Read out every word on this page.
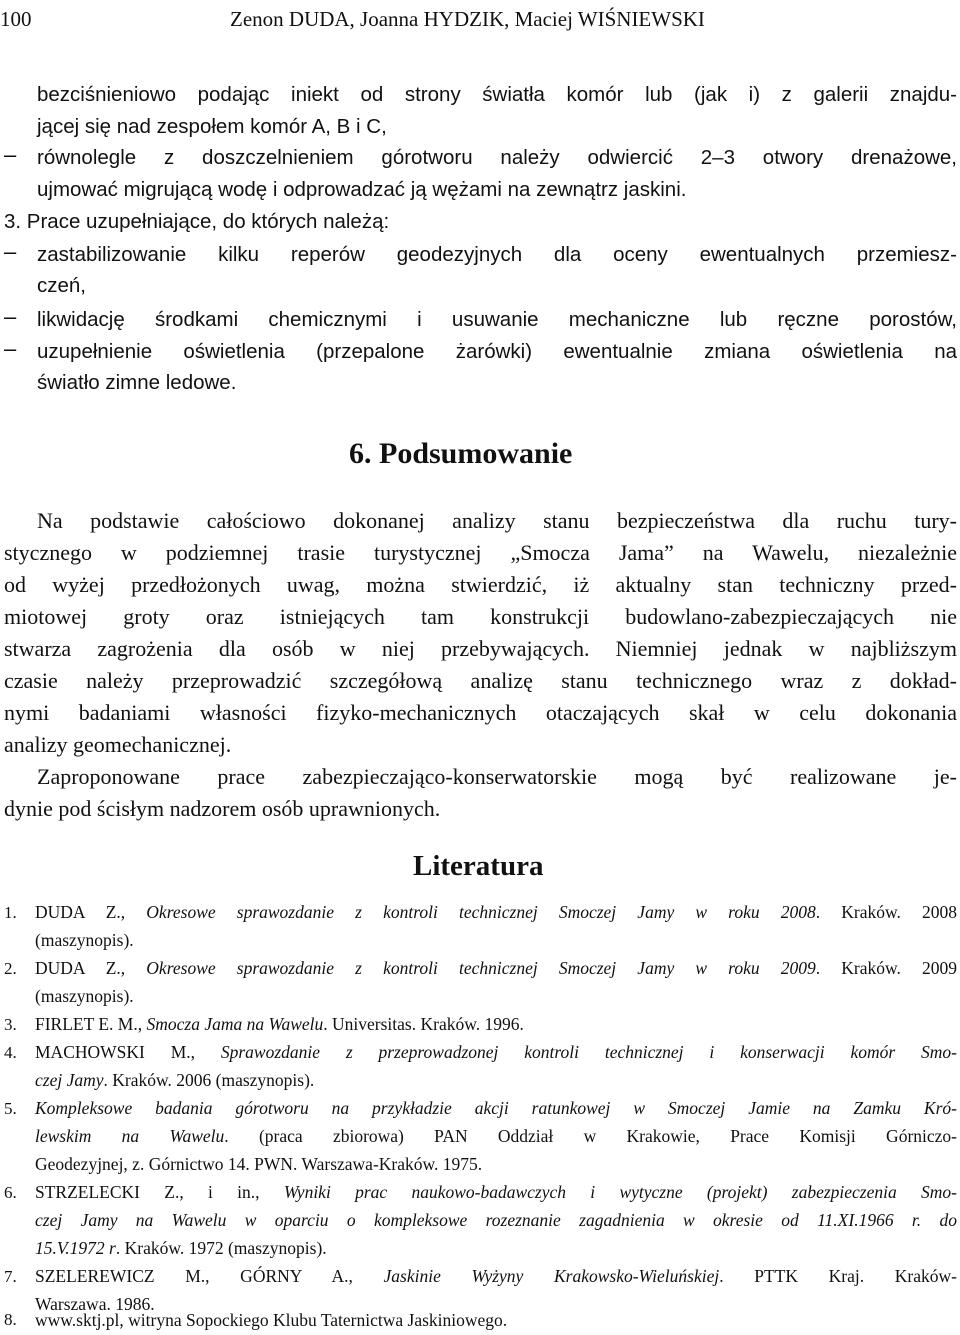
100	Zenon DUDA, Joanna HYDZIK, Maciej WIŚNIEWSKI
bezciśnieniowo podając iniekt od strony światła komór lub (jak i) z galerii znajdu-
jącej się nad zespołem komór A, B i C,
– równolegle z doszczelnieniem górotworu należy odwiercić 2–3 otwory drenażowe,
ujmować migrującą wodę i odprowadzać ją wężami na zewnątrz jaskini.
3. Prace uzupełniające, do których należą:
– zastabilizowanie kilku reperów geodezyjnych dla oceny ewentualnych przemiesz-
czeń,
– likwidację środkami chemicznymi i usuwanie mechaniczne lub ręczne porostów,
– uzupełnienie oświetlenia (przepalone żarówki) ewentualnie zmiana oświetlenia na
światło zimne ledowe.
6. Podsumowanie
Na podstawie całościowo dokonanej analizy stanu bezpieczeństwa dla ruchu tury-
stycznego w podziemnej trasie turystycznej „Smocza Jama” na Wawelu, niezależnie
od wyżej przedłożonych uwag, można stwierdzić, iż aktualny stan techniczny przed-
miotowej groty oraz istniejących tam konstrukcji budowlano-zabezpieczających nie
stwarza zagrożenia dla osób w niej przebywających. Niemniej jednak w najbliższym
czasie należy przeprowadzić szczegółową analizę stanu technicznego wraz z dokład-
nymi badaniami własności fizyko-mechanicznych otaczających skał w celu dokonania
analizy geomechanicznej.
Zaproponowane prace zabezpieczająco-konserwatorskie mogą być realizowane je-
dynie pod ścisłym nadzorem osób uprawnionych.
Literatura
1. DUDA Z., Okresowe sprawozdanie z kontroli technicznej Smoczej Jamy w roku 2008. Kraków. 2008
(maszynopis).
2. DUDA Z., Okresowe sprawozdanie z kontroli technicznej Smoczej Jamy w roku 2009. Kraków. 2009
(maszynopis).
3. FIRLET E. M., Smocza Jama na Wawelu. Universitas. Kraków. 1996.
4. MACHOWSKI M., Sprawozdanie z przeprowadzonej kontroli technicznej i konserwacji komór Smo-
czej Jamy. Kraków. 2006 (maszynopis).
5. Kompleksowe badania górotworu na przykładzie akcji ratunkowej w Smoczej Jamie na Zamku Kró-
lewskim na Wawelu. (praca zbiorowa) PAN Oddział w Krakowie, Prace Komisji Górniczo-
Geodezyjnej, z. Górnictwo 14. PWN. Warszawa-Kraków. 1975.
6. STRZELECKI Z., i in., Wyniki prac naukowo-badawczych i wytyczne (projekt) zabezpieczenia Smo-
czej Jamy na Wawelu w oparciu o kompleksowe rozeznanie zagadnienia w okresie od 11.XI.1966 r. do
15.V.1972 r. Kraków. 1972 (maszynopis).
7. SZELEREWICZ M., GÓRNY A., Jaskinie Wyżyny Krakowsko-Wieluńskiej. PTTK Kraj. Kraków-
Warszawa. 1986.
8. www.sktj.pl, witryna Sopockiego Klubu Taternictwa Jaskiniowego.
